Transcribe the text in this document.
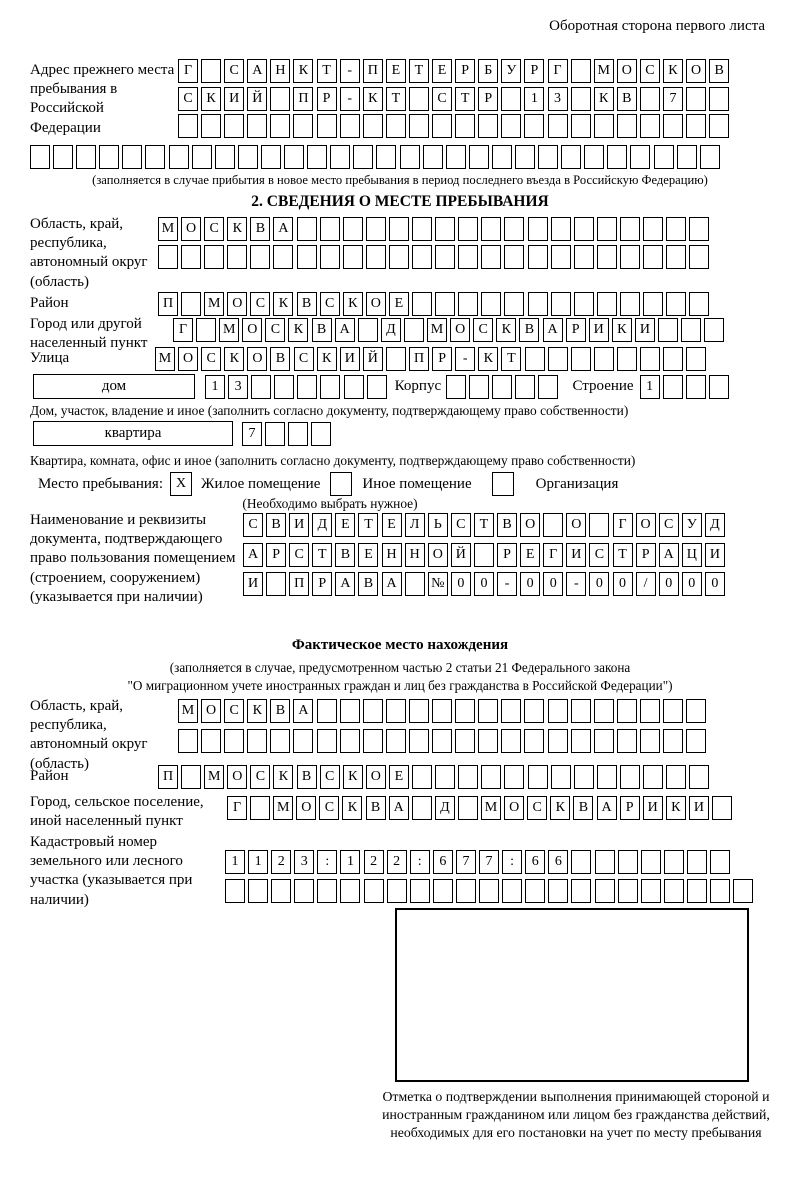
Оборотная сторона первого листа
Адрес прежнего места пребывания в Российской Федерации
Г	С А Н К	Т	-	П Е	Т	Е	Р	Б	У	Р	Г	М О С К О В
С К И Й	П	Р	-	К	Т	С	Т	Р	1	3	К В	7
(заполняется в случае прибытия в новое место пребывания в период последнего въезда в Российскую Федерацию)
2. СВЕДЕНИЯ О МЕСТЕ ПРЕБЫВАНИЯ
Область, край, республика, автономный округ (область)
М О С К В А
Район	П	М О С К В С К О Е
Город или другой населенный пункт
Г	М О С К В А	Д	М О С К В А	Р	И К И
Улица	М О С К О В С К И Й	П	Р	-	К	Т
дом	1	3	Корпус	Строение 1
Дом, участок, владение и иное (заполнить согласно документу, подтверждающему право собственности)
квартира	7
Квартира, комната, офис и иное (заполнить согласно документу, подтверждающему право собственности)
Место пребывания: X Жилое помещение	Иное помещение	Организация
(Необходимо выбрать нужное)
Наименование и реквизиты документа, подтверждающего право пользования помещением (строением, сооружением) (указывается при наличии)
С В И Д	Е	Т	Е	Л	Ь	С	Т	В О	О	Г О С У Д
А	Р	С	Т	В	Е Н Н О Й	Р	Е	Г И С	Т	Р	А Ц И
И	П	Р	А В А	№ 0	0	-	0	0	-	0	0	/	0	0	0
Фактическое место нахождения
(заполняется в случае, предусмотренном частью 2 статьи 21 Федерального закона
"О миграционном учете иностранных граждан и лиц без гражданства в Российской Федерации")
Область, край, республика, автономный округ (область)
М О С К В А
Район	П	М О С К В С К О Е
Город, сельское поселение, иной населенный пункт
Г	М О С К В А	Д	М О С К В А	Р	И К И
Кадастровый номер земельного или лесного участка (указывается при наличии)
1	1	2	3	:	1	2	2	:	6	7	7	:	6	6
Отметка о подтверждении выполнения принимающей стороной и иностранным гражданином или лицом без гражданства действий, необходимых для его постановки на учет по месту пребывания
